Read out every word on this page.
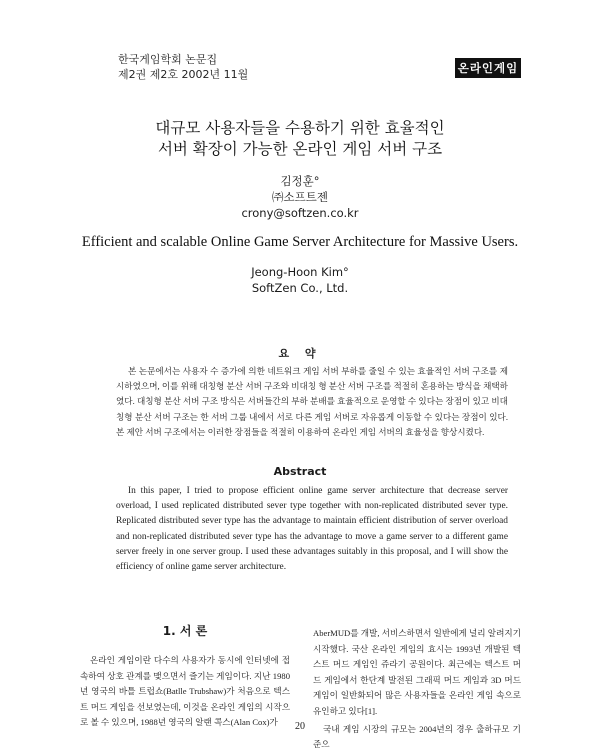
한국게임학회 논문집
제2권 제2호 2002년 11월	온라인게임
대규모 사용자들을 수용하기 위한 효율적인
서버 확장이 가능한 온라인 게임 서버 구조
김정훈°
㈜소프트젠
crony@softzen.co.kr
Efficient and scalable Online Game Server Architecture for Massive Users.
Jeong-Hoon Kim°
SoftZen Co., Ltd.
요 약
본 논문에서는 사용자 수 증가에 의한 네트워크 게임 서버 부하를 줄일 수 있는 효율적인 서버 구조를 제시하였으며, 이를 위해 대칭형 분산 서버 구조와 비대칭 형 분산 서버 구조를 적절히 혼용하는 방식을 채택하였다. 대칭형 분산 서버 구조 방식은 서버들간의 부하 분배를 효율적으로 운영할 수 있다는 장점이 있고 비대칭형 분산 서버 구조는 한 서버 그룹 내에서 서로 다른 게임 서버로 자유롭게 이동할 수 있다는 장점이 있다. 본 제안 서버 구조에서는 이러한 장점들을 적절히 이용하여 온라인 게임 서버의 효율성을 향상시켰다.
Abstract
In this paper, I tried to propose efficient online game server architecture that decrease server overload, I used replicated distributed sever type together with non-replicated distributed sever type. Replicated distributed sever type has the advantage to maintain efficient distribution of server overload and non-replicated distributed sever type has the advantage to move a game server to a different game server freely in one server group. I used these advantages suitably in this proposal, and I will show the efficiency of online game server architecture.
1. 서 론
온라인 게임이란 다수의 사용자가 동시에 인터넷에 접속하여 상호 관계를 맺으면서 즐기는 게임이다. 지난 1980년 영국의 바틀 트럽쇼(Batlle Trubshaw)가 처음으로 텍스트 머드 게임을 선보였는데, 이것을 온라인 게임의 시작으로 볼 수 있으며, 1988년 영국의 알랜 콕스(Alan Cox)가
AberMUD를 개발, 서비스하면서 일반에게 널리 알려지기 시작했다. 국산 온라인 게임의 효시는 1993년 개발된 텍스트 머드 게임인 쥬라기 공원이다. 최근에는 텍스트 머드 게임에서 한단계 발전된 그래픽 머드 게임과 3D 머드 게임이 일반화되어 많은 사용자들을 온라인 게임 속으로 유인하고 있다[1].
국내 게임 시장의 규모는 2004년의 경우 출하규모 기준으
20
